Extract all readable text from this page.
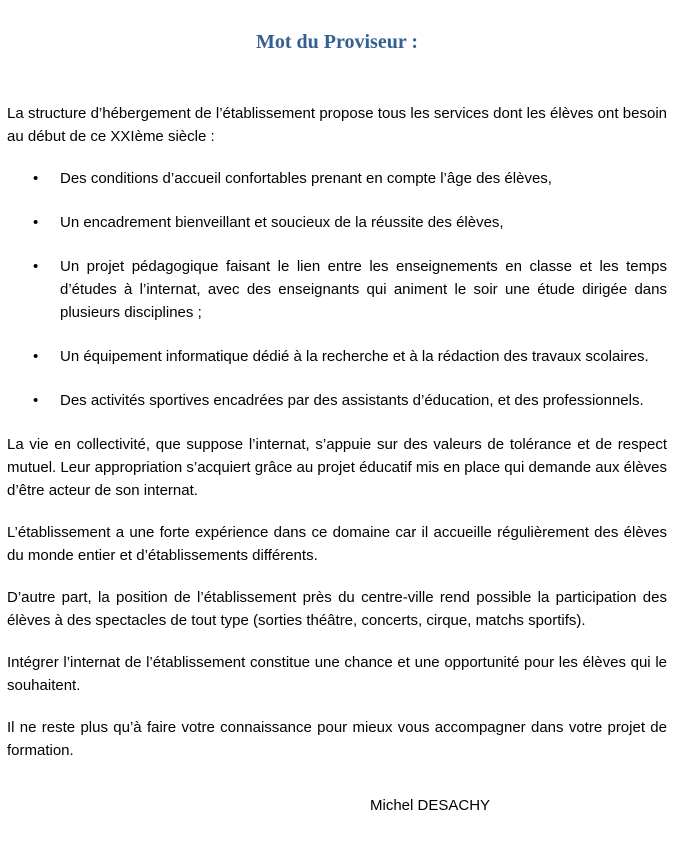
Mot du Proviseur :

La structure d’hébergement de l’établissement propose tous les services dont les élèves ont besoin au début de ce XXIème siècle :

•	Des conditions d’accueil confortables prenant en compte l’âge des élèves,
•	Un encadrement bienveillant et soucieux de la réussite des élèves,
•	Un projet pédagogique faisant le lien entre les enseignements en classe et les temps d’études à l’internat, avec des enseignants qui animent le soir une étude dirigée dans plusieurs disciplines ;
•	Un équipement informatique dédié à la recherche et à la rédaction des travaux scolaires.
•	Des activités sportives encadrées par des assistants d’éducation, et des professionnels.

La vie en collectivité, que suppose l’internat, s’appuie sur des valeurs de tolérance et de respect mutuel. Leur appropriation s’acquiert grâce au projet éducatif mis en place qui demande aux élèves d’être acteur de son internat.

L’établissement a une forte expérience dans ce domaine car il accueille régulièrement des élèves du monde entier et d’établissements différents.

D’autre part, la position de l’établissement près du centre-ville rend possible la participation des élèves à des spectacles de tout type (sorties théâtre, concerts, cirque, matchs sportifs).

Intégrer l’internat de l’établissement constitue une chance et une opportunité pour les élèves qui le souhaitent.

Il ne reste plus qu’à faire votre connaissance pour mieux vous accompagner dans votre projet de formation.

Michel DESACHY
